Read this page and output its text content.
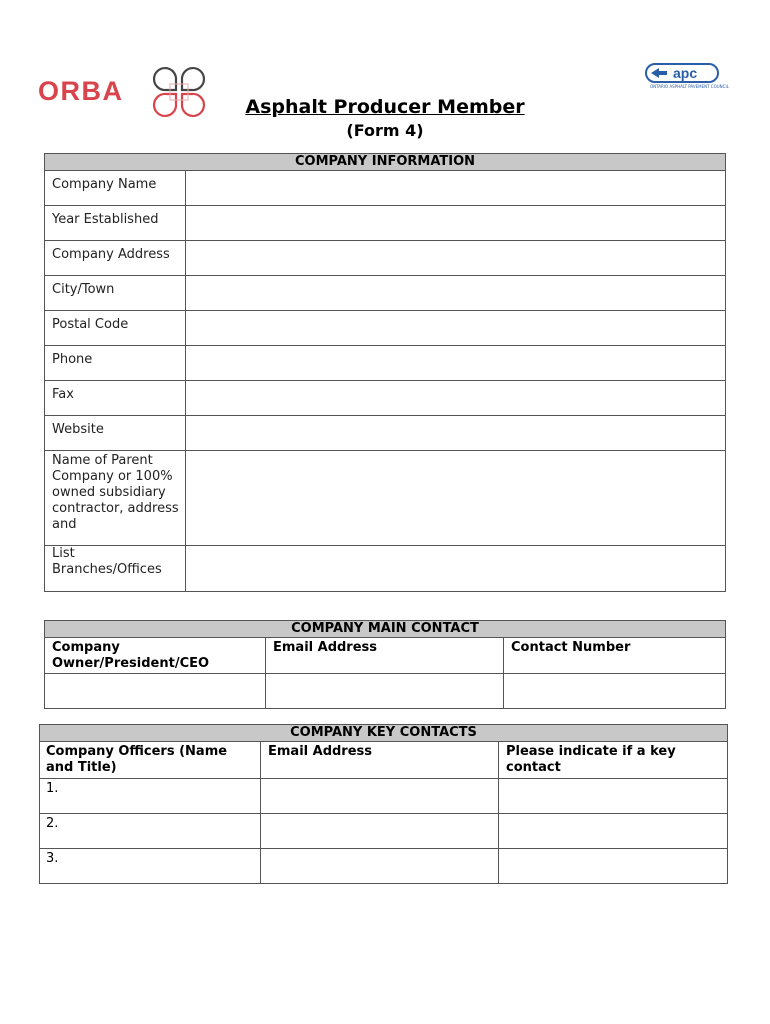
ORBA
apc
ONTARIO ASPHALT PAVEMENT COUNCIL
Asphalt Producer Member
(Form 4)
COMPANY INFORMATION	
Company Name	
Year Established	
Company Address	
City/Town	
Postal Code	
Phone	
Fax	
Website	

Name of Parent Company or 100% owned subsidiary contractor, address and	

List Branches/Offices	
COMPANY MAIN CONTACT		
Company Owner/President/CEO	Email Address	Contact Number

COMPANY KEY CONTACTS		
Company Officers (Name and Title)	Email Address	Please indicate if a key contact
1.		
2.		
3.		
